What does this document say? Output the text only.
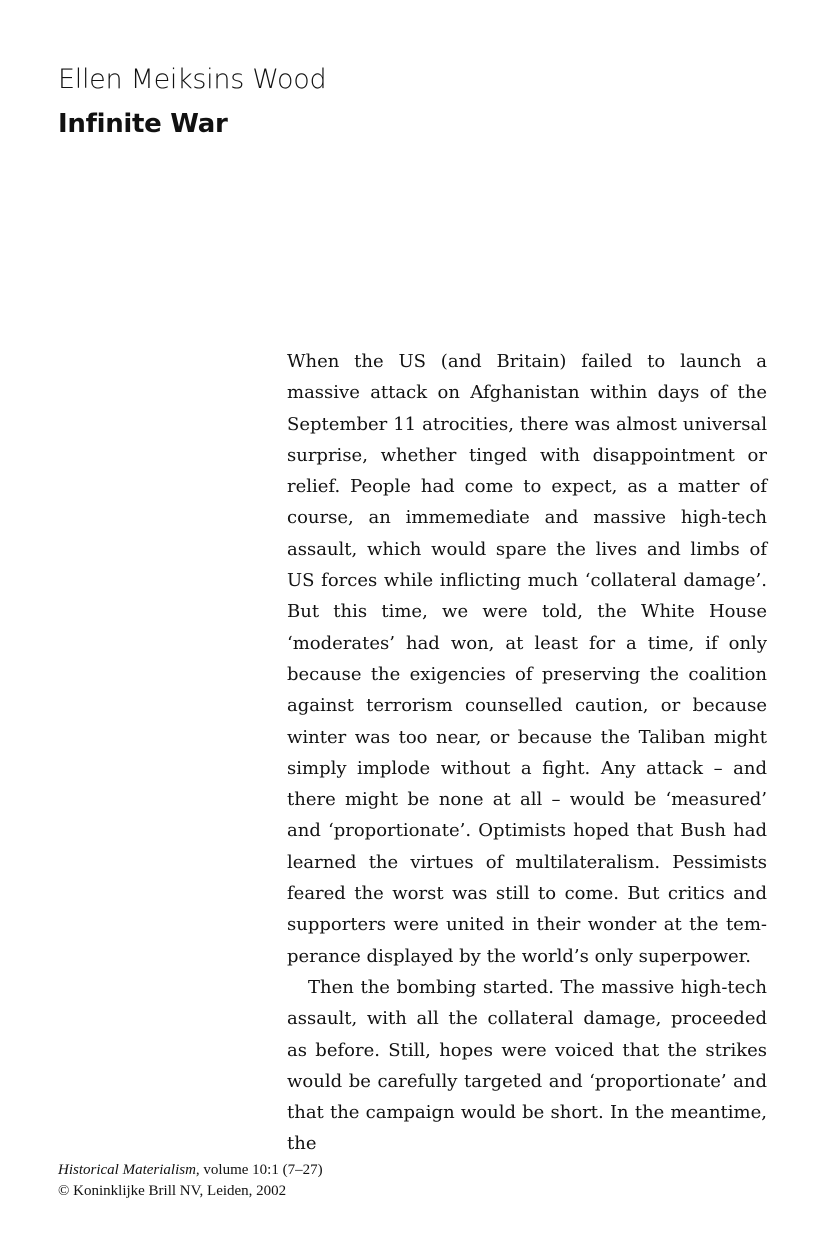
Ellen Meiksins Wood
Infinite War

When the US (and Britain) failed to launch a massive attack on Afghanistan within days of the September 11 atrocities, there was almost universal surprise, whether tinged with disappointment or relief. People had come to expect, as a matter of course, an immemediate and massive high-tech assault, which would spare the lives and limbs of US forces while inflicting much ‘collateral damage’. But this time, we were told, the White House ‘moderates’ had won, at least for a time, if only because the exigencies of preserving the coalition against terrorism counselled caution, or because winter was too near, or because the Taliban might simply implode without a fight. Any attack – and there might be none at all – would be ‘measured’ and ‘proportionate’. Optimists hoped that Bush had learned the virtues of multilateralism. Pessimists feared the worst was still to come. But critics and supporters were united in their wonder at the temperance displayed by the world’s only superpower.

Then the bombing started. The massive high-tech assault, with all the collateral damage, proceeded as before. Still, hopes were voiced that the strikes would be carefully targeted and ‘proportionate’ and that the campaign would be short. In the meantime, the

Historical Materialism, volume 10:1 (7–27)
© Koninklijke Brill NV, Leiden, 2002
